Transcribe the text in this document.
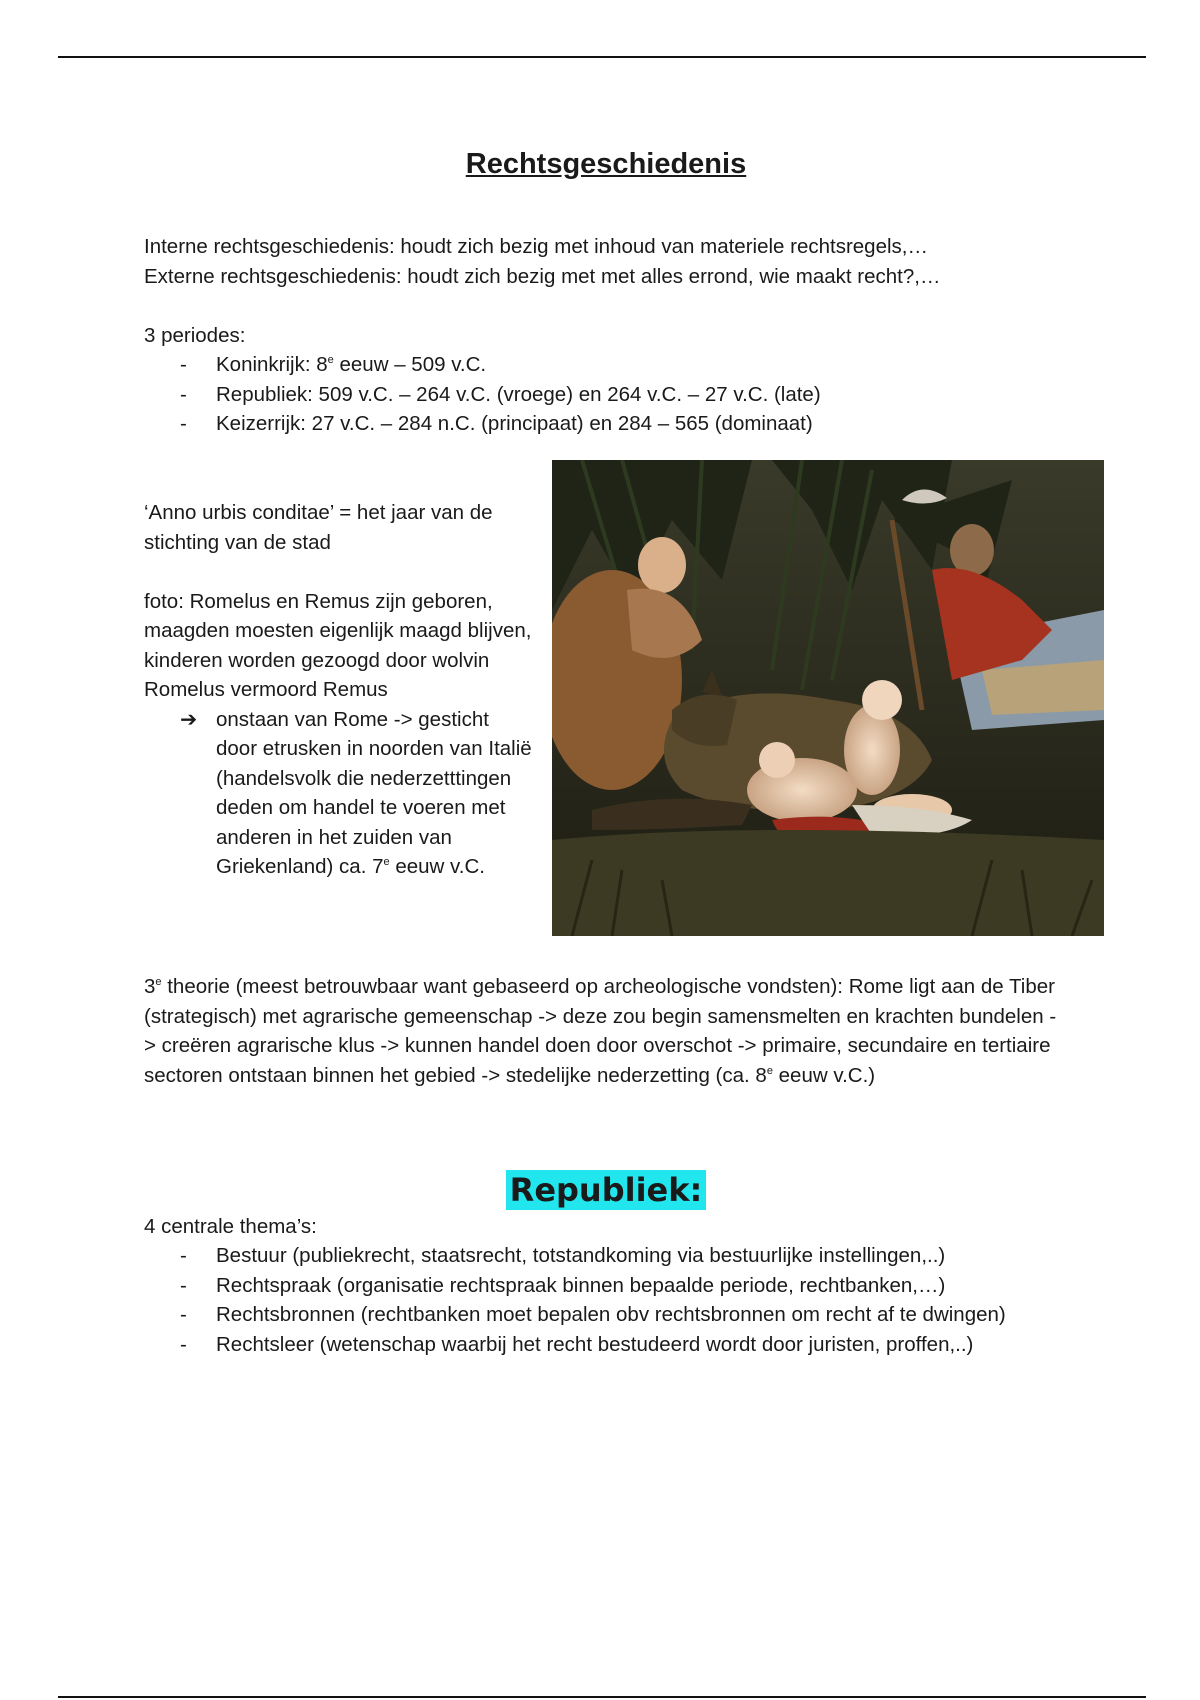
Rechtsgeschiedenis
Interne rechtsgeschiedenis: houdt zich bezig met inhoud van materiele rechtsregels,…
Externe rechtsgeschiedenis: houdt zich bezig met met alles errond, wie maakt recht?,…
3 periodes:
- Koninkrijk: 8e eeuw – 509 v.C.
- Republiek: 509 v.C. – 264 v.C. (vroege) en 264 v.C. – 27 v.C. (late)
- Keizerrijk: 27 v.C. – 284 n.C. (principaat) en 284 – 565 (dominaat)
‘Anno urbis conditae’ = het jaar van de stichting van de stad
foto: Romelus en Remus zijn geboren, maagden moesten eigenlijk maagd blijven, kinderen worden gezoogd door wolvin
Romelus vermoord Remus
➔ onstaan van Rome -> gesticht door etrusken in noorden van Italië (handelsvolk die nederzetttingen deden om handel te voeren met anderen in het zuiden van Griekenland) ca. 7e eeuw v.C.
3e theorie (meest betrouwbaar want gebaseerd op archeologische vondsten): Rome ligt aan de Tiber (strategisch) met agrarische gemeenschap -> deze zou begin samensmelten en krachten bundelen -> creëren agrarische klus -> kunnen handel doen door overschot -> primaire, secundaire en tertiaire sectoren ontstaan binnen het gebied -> stedelijke nederzetting (ca. 8e eeuw v.C.)
Republiek:
4 centrale thema’s:
- Bestuur (publiekrecht, staatsrecht, totstandkoming via bestuurlijke instellingen,..)
- Rechtspraak (organisatie rechtspraak binnen bepaalde periode, rechtbanken,…)
- Rechtsbronnen (rechtbanken moet bepalen obv rechtsbronnen om recht af te dwingen)
- Rechtsleer (wetenschap waarbij het recht bestudeerd wordt door juristen, proffen,..)
